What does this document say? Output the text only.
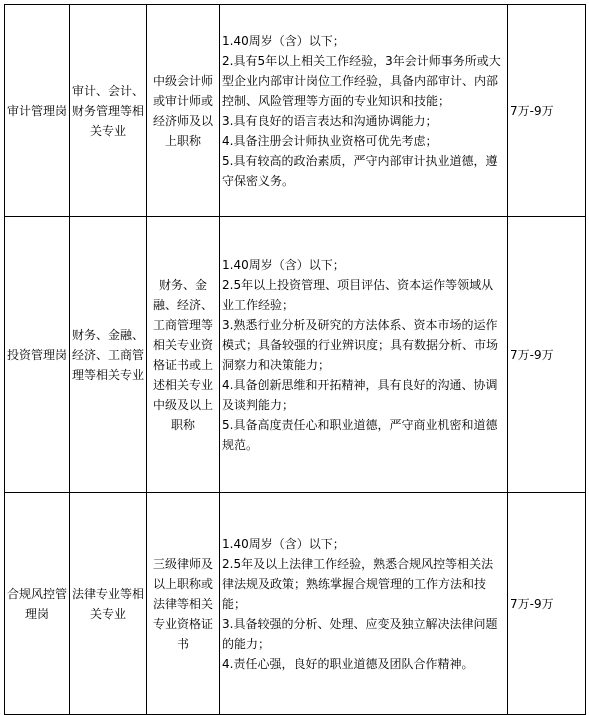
审计管理岗	审计、会计、财务管理等相关专业	中级会计师或审计师或经济师及以上职称	1.40周岁（含）以下；
2.具有5年以上相关工作经验，3年会计师事务所或大型企业内部审计岗位工作经验，具备内部审计、内部控制、风险管理等方面的专业知识和技能；
3.具有良好的语言表达和沟通协调能力；
4.具备注册会计师执业资格可优先考虑；
5.具有较高的政治素质，严守内部审计执业道德，遵守保密义务。	7万-9万
投资管理岗	财务、金融、经济、工商管理等相关专业	财务、金融、经济、工商管理等相关专业资格证书或上述相关专业中级及以上职称	1.40周岁（含）以下；
2.5年以上投资管理、项目评估、资本运作等领域从业工作经验；
3.熟悉行业分析及研究的方法体系、资本市场的运作模式；具备较强的行业辨识度；具有数据分析、市场洞察力和决策能力；
4.具备创新思维和开拓精神，具有良好的沟通、协调及谈判能力；
5.具备高度责任心和职业道德，严守商业机密和道德规范。	7万-9万
合规风控管理岗	法律专业等相关专业	三级律师及以上职称或法律等相关专业资格证书	1.40周岁（含）以下；
2.5年及以上法律工作经验，熟悉合规风控等相关法律法规及政策；熟练掌握合规管理的工作方法和技能；
3.具备较强的分析、处理、应变及独立解决法律问题的能力；
4.责任心强，良好的职业道德及团队合作精神。	7万-9万
